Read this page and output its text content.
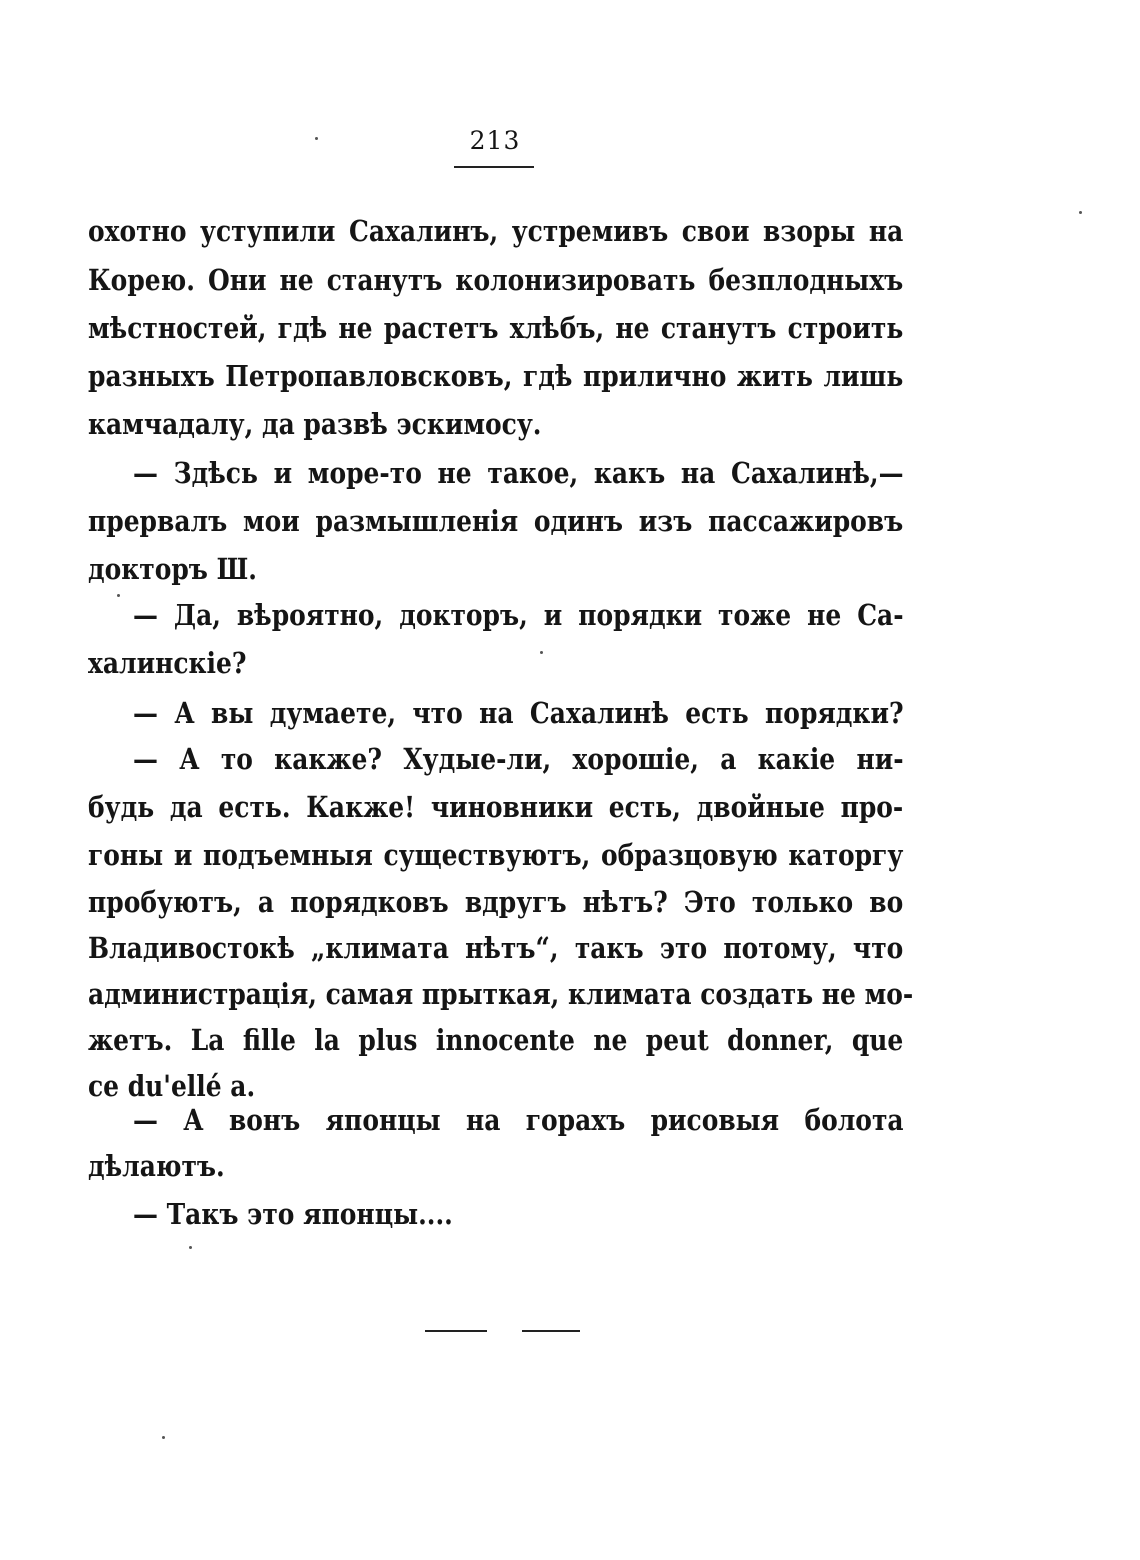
213
охотно уступили Сахалинъ, устремивъ свои взоры на
Корею. Они не станутъ колонизировать безплодныхъ
мѣстностей, гдѣ не растетъ хлѣбъ, не станутъ строить
разныхъ Петропавловсковъ, гдѣ прилично жить лишь
камчадалу, да развѣ эскимосу.
— Здѣсь и море-то не такое, какъ на Сахалинѣ,—
прервалъ мои размышленія одинъ изъ пассажировъ
докторъ Ш.
— Да, вѣроятно, докторъ, и порядки тоже не Са-
халинскіе?
— А вы думаете, что на Сахалинѣ есть порядки?
— А то какже? Худые-ли, хорошіе, а какіе ни-
будь да есть. Какже! чиновники есть, двойные про-
гоны и подъемныя существуютъ, образцовую каторгу
пробуютъ, а порядковъ вдругъ нѣтъ? Это только во
Владивостокѣ „климата нѣтъ“, такъ это потому, что
администрація, самая прыткая, климата создать не мо-
жетъ. La fille la plus innocente ne peut donner, que
ce du'ellé a.
— А вонъ японцы на горахъ рисовыя болота
дѣлаютъ.
— Такъ это японцы....
